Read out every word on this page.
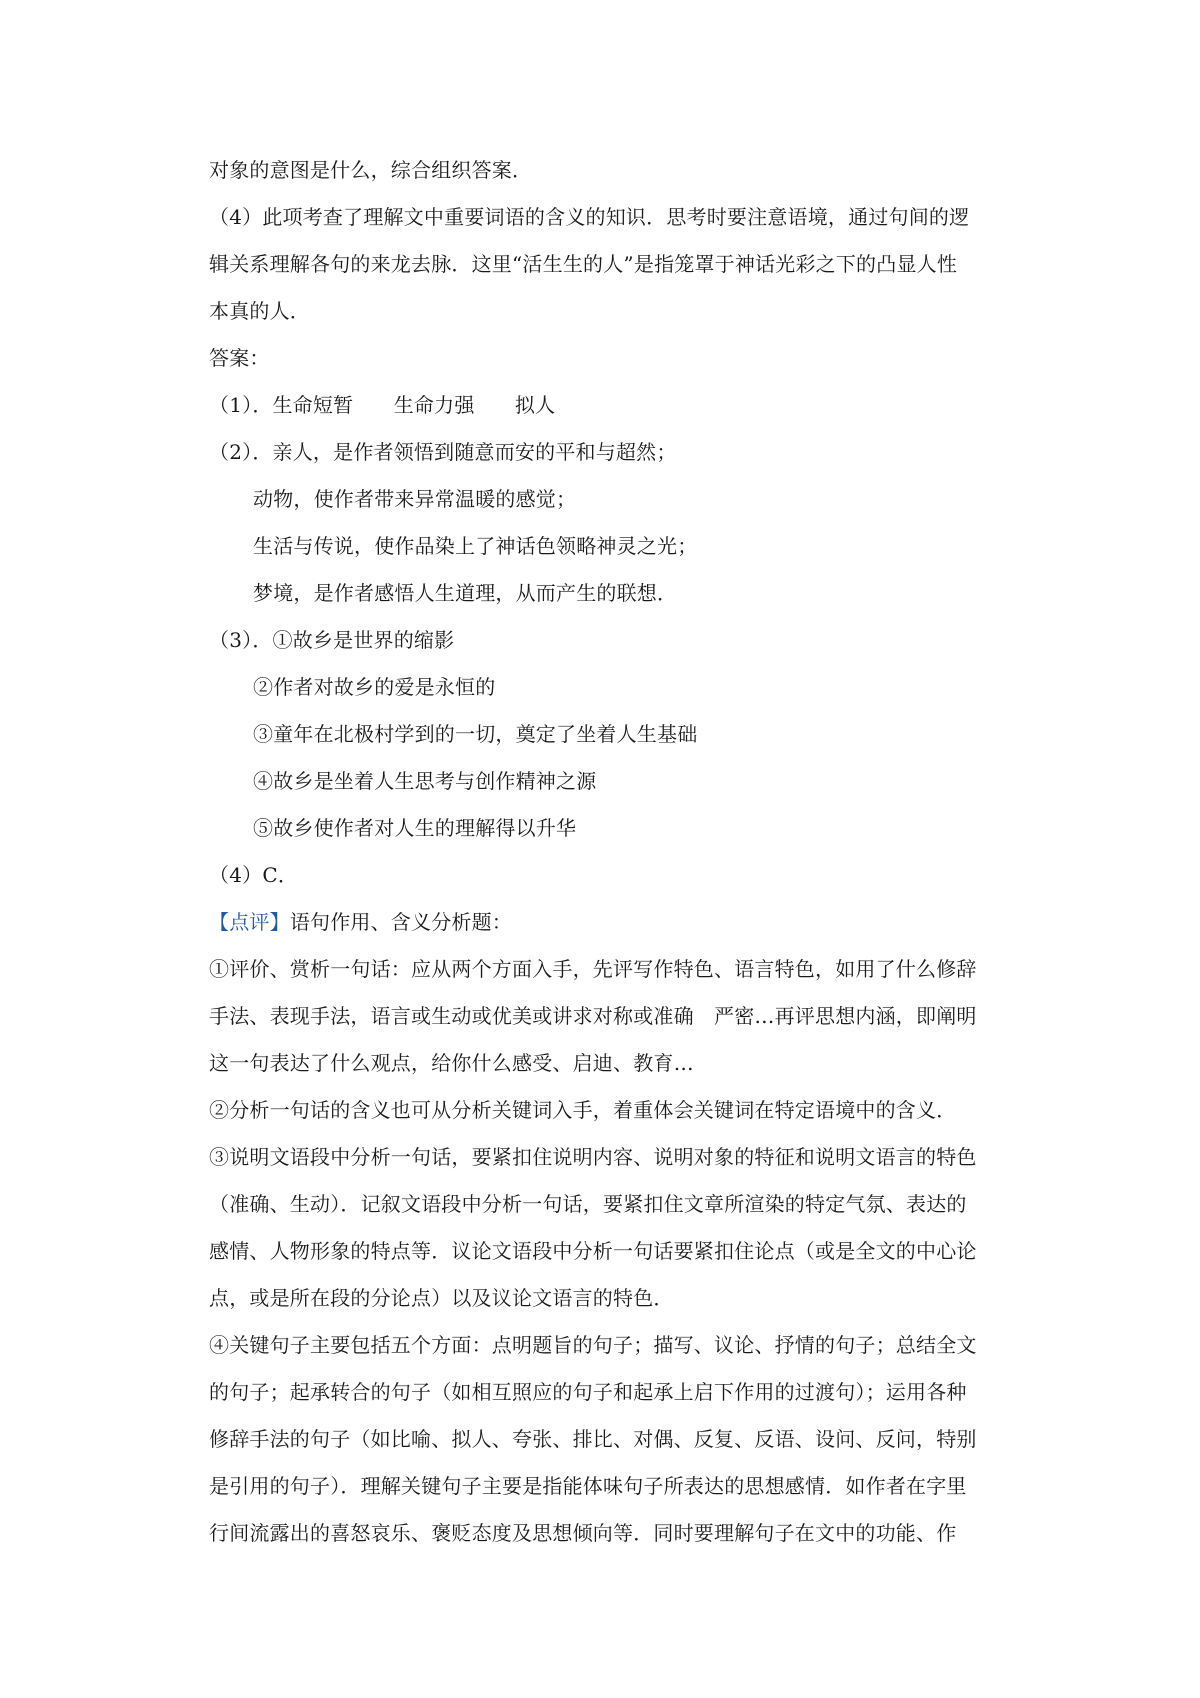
对象的意图是什么，综合组织答案．
（4）此项考查了理解文中重要词语的含义的知识．思考时要注意语境，通过句间的逻
辑关系理解各句的来龙去脉．这里“活生生的人”是指笼罩于神话光彩之下的凸显人性
本真的人．
答案：
（1）．生命短暂　　生命力强　　拟人
（2）．亲人，是作者领悟到随意而安的平和与超然；
动物，使作者带来异常温暖的感觉；
生活与传说，使作品染上了神话色领略神灵之光；
梦境，是作者感悟人生道理，从而产生的联想．
（3）．①故乡是世界的缩影
②作者对故乡的爱是永恒的
③童年在北极村学到的一切，奠定了坐着人生基础
④故乡是坐着人生思考与创作精神之源
⑤故乡使作者对人生的理解得以升华
（4）C．
【点评】语句作用、含义分析题：
①评价、赏析一句话：应从两个方面入手，先评写作特色、语言特色，如用了什么修辞
手法、表现手法，语言或生动或优美或讲求对称或准确　严密…再评思想内涵，即阐明
这一句表达了什么观点，给你什么感受、启迪、教育…
②分析一句话的含义也可从分析关键词入手，着重体会关键词在特定语境中的含义．
③说明文语段中分析一句话，要紧扣住说明内容、说明对象的特征和说明文语言的特色
（准确、生动）．记叙文语段中分析一句话，要紧扣住文章所渲染的特定气氛、表达的
感情、人物形象的特点等．议论文语段中分析一句话要紧扣住论点（或是全文的中心论
点，或是所在段的分论点）以及议论文语言的特色．
④关键句子主要包括五个方面：点明题旨的句子；描写、议论、抒情的句子；总结全文
的句子；起承转合的句子（如相互照应的句子和起承上启下作用的过渡句）；运用各种
修辞手法的句子（如比喻、拟人、夸张、排比、对偶、反复、反语、设问、反问，特别
是引用的句子）．理解关键句子主要是指能体味句子所表达的思想感情．如作者在字里
行间流露出的喜怒哀乐、褒贬态度及思想倾向等．同时要理解句子在文中的功能、作
